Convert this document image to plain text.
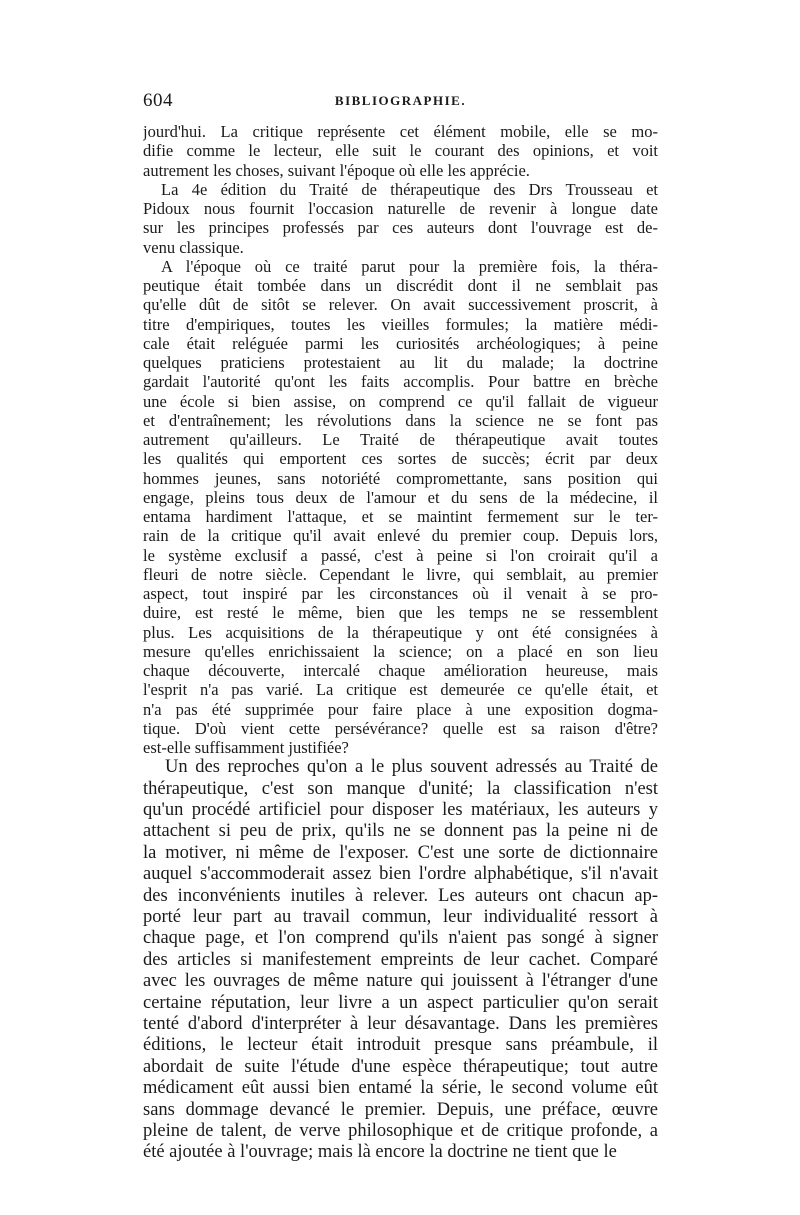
604	BIBLIOGRAPHIE.
jourd'hui. La critique représente cet élément mobile, elle se mo-
difie comme le lecteur, elle suit le courant des opinions, et voit
autrement les choses, suivant l'époque où elle les apprécie.
La 4e édition du Traité de thérapeutique des Drs Trousseau et
Pidoux nous fournit l'occasion naturelle de revenir à longue date
sur les principes professés par ces auteurs dont l'ouvrage est de-
venu classique.
A l'époque où ce traité parut pour la première fois, la théra-
peutique était tombée dans un discrédit dont il ne semblait pas
qu'elle dût de sitôt se relever. On avait successivement proscrit, à
titre d'empiriques, toutes les vieilles formules; la matière médi-
cale était reléguée parmi les curiosités archéologiques; à peine
quelques praticiens protestaient au lit du malade; la doctrine
gardait l'autorité qu'ont les faits accomplis. Pour battre en brèche
une école si bien assise, on comprend ce qu'il fallait de vigueur
et d'entraînement; les révolutions dans la science ne se font pas
autrement qu'ailleurs. Le Traité de thérapeutique avait toutes
les qualités qui emportent ces sortes de succès; écrit par deux
hommes jeunes, sans notoriété compromettante, sans position qui
engage, pleins tous deux de l'amour et du sens de la médecine, il
entama hardiment l'attaque, et se maintint fermement sur le ter-
rain de la critique qu'il avait enlevé du premier coup. Depuis lors,
le système exclusif a passé, c'est à peine si l'on croirait qu'il a
fleuri de notre siècle. Cependant le livre, qui semblait, au premier
aspect, tout inspiré par les circonstances où il venait à se pro-
duire, est resté le même, bien que les temps ne se ressemblent
plus. Les acquisitions de la thérapeutique y ont été consignées à
mesure qu'elles enrichissaient la science; on a placé en son lieu
chaque découverte, intercalé chaque amélioration heureuse, mais
l'esprit n'a pas varié. La critique est demeurée ce qu'elle était, et
n'a pas été supprimée pour faire place à une exposition dogma-
tique. D'où vient cette persévérance? quelle est sa raison d'être?
est-elle suffisamment justifiée?
Un des reproches qu'on a le plus souvent adressés au Traité de
thérapeutique, c'est son manque d'unité; la classification n'est
qu'un procédé artificiel pour disposer les matériaux, les auteurs y
attachent si peu de prix, qu'ils ne se donnent pas la peine ni de
la motiver, ni même de l'exposer. C'est une sorte de dictionnaire
auquel s'accommoderait assez bien l'ordre alphabétique, s'il n'avait
des inconvénients inutiles à relever. Les auteurs ont chacun ap-
porté leur part au travail commun, leur individualité ressort à
chaque page, et l'on comprend qu'ils n'aient pas songé à signer
des articles si manifestement empreints de leur cachet. Comparé
avec les ouvrages de même nature qui jouissent à l'étranger d'une
certaine réputation, leur livre a un aspect particulier qu'on serait
tenté d'abord d'interpréter à leur désavantage. Dans les premières
éditions, le lecteur était introduit presque sans préambule, il
abordait de suite l'étude d'une espèce thérapeutique; tout autre
médicament eût aussi bien entamé la série, le second volume eût
sans dommage devancé le premier. Depuis, une préface, œuvre
pleine de talent, de verve philosophique et de critique profonde, a
été ajoutée à l'ouvrage; mais là encore la doctrine ne tient que le
